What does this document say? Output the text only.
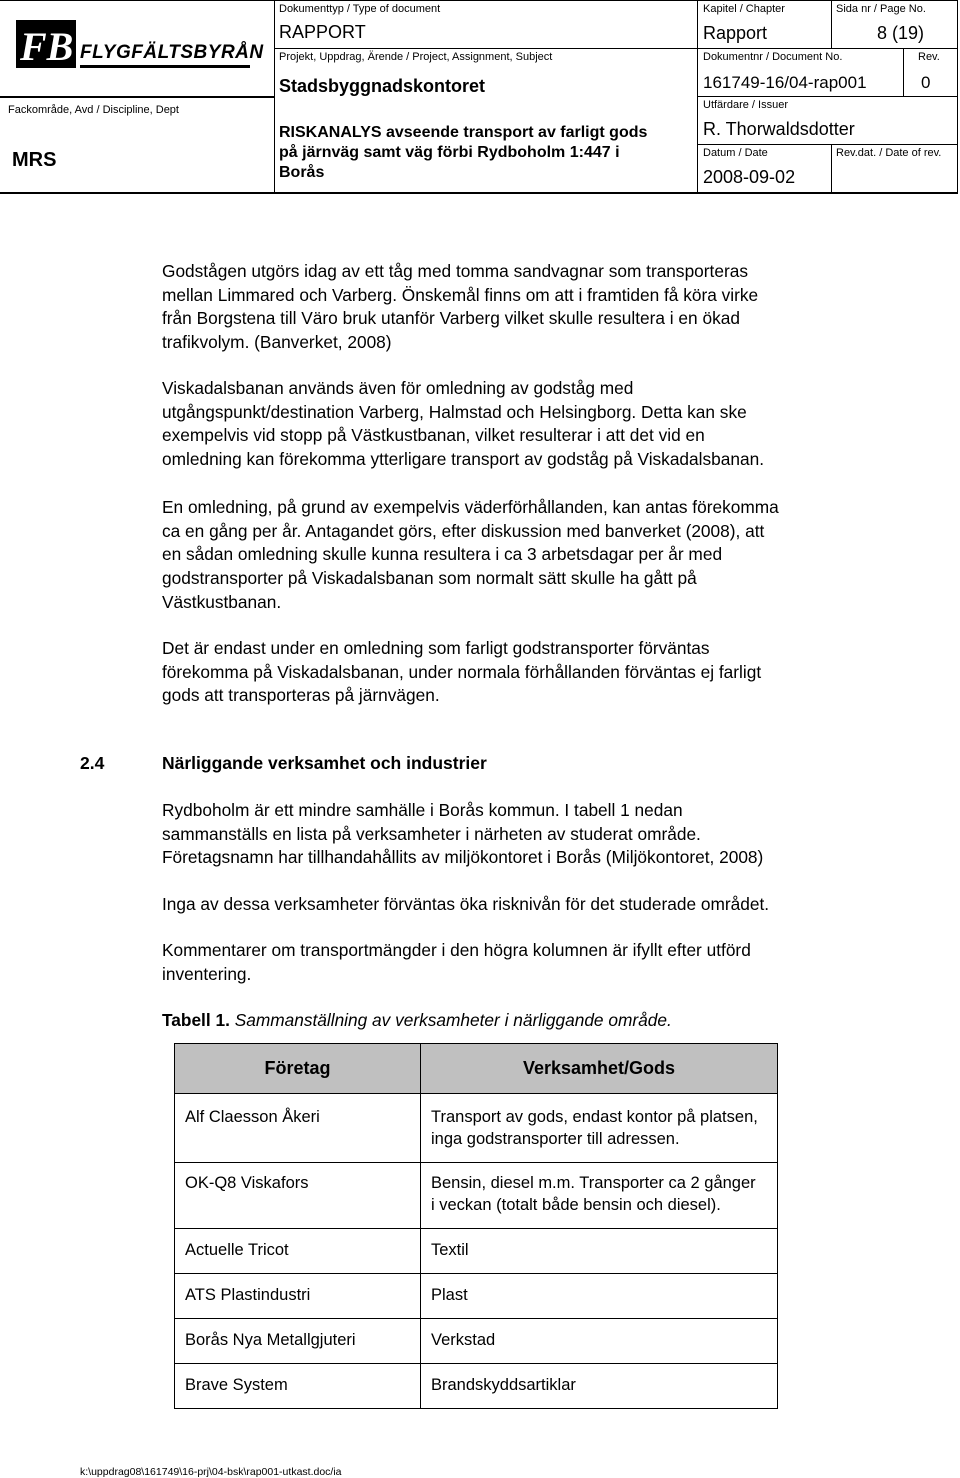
FB FLYGFÄLTSBYRÅN
Fackområde, Avd / Discipline, Dept
MRS
Dokumenttyp / Type of document
RAPPORT
Projekt, Uppdrag, Ärende / Project, Assignment, Subject
Stadsbyggnadskontoret
RISKANALYS avseende transport av farligt gods
på järnväg samt väg förbi Rydboholm 1:447 i
Borås
Kapitel / Chapter
Rapport
Sida nr / Page No.
8 (19)
Dokumentnr / Document No.
161749-16/04-rap001
Rev.
0
Utfärdare / Issuer
R. Thorwaldsdotter
Datum / Date
2008-09-02
Rev.dat. / Date of rev.
Godstågen utgörs idag av ett tåg med tomma sandvagnar som transporteras
mellan Limmared och Varberg. Önskemål finns om att i framtiden få köra virke
från Borgstena till Väro bruk utanför Varberg vilket skulle resultera i en ökad
trafikvolym. (Banverket, 2008)
Viskadalsbanan används även för omledning av godståg med
utgångspunkt/destination Varberg, Halmstad och Helsingborg. Detta kan ske
exempelvis vid stopp på Västkustbanan, vilket resulterar i att det vid en
omledning kan förekomma ytterligare transport av godståg på Viskadalsbanan.
En omledning, på grund av exempelvis väderförhållanden, kan antas förekomma
ca en gång per år. Antagandet görs, efter diskussion med banverket (2008), att
en sådan omledning skulle kunna resultera i ca 3 arbetsdagar per år med
godstransporter på Viskadalsbanan som normalt sätt skulle ha gått på
Västkustbanan.
Det är endast under en omledning som farligt godstransporter förväntas
förekomma på Viskadalsbanan, under normala förhållanden förväntas ej farligt
gods att transporteras på järnvägen.
2.4	Närliggande verksamhet och industrier
Rydboholm är ett mindre samhälle i Borås kommun. I tabell 1 nedan
sammanställs en lista på verksamheter i närheten av studerat område.
Företagsnamn har tillhandahållits av miljökontoret i Borås (Miljökontoret, 2008)
Inga av dessa verksamheter förväntas öka risknivån för det studerade området.
Kommentarer om transportmängder i den högra kolumnen är ifyllt efter utförd
inventering.
Tabell 1. Sammanställning av verksamheter i närliggande område.
Företag	Verksamhet/Gods
Alf Claesson Åkeri	Transport av gods, endast kontor på platsen,
inga godstransporter till adressen.

OK-Q8 Viskafors	Bensin, diesel m.m. Transporter ca 2 gånger
i veckan (totalt både bensin och diesel).

Actuelle Tricot	Textil

ATS Plastindustri	Plast

Borås Nya Metallgjuteri	Verkstad

Brave System	Brandskyddsartiklar
k:\uppdrag08\161749\16-prj\04-bsk\rap001-utkast.doc/ia
